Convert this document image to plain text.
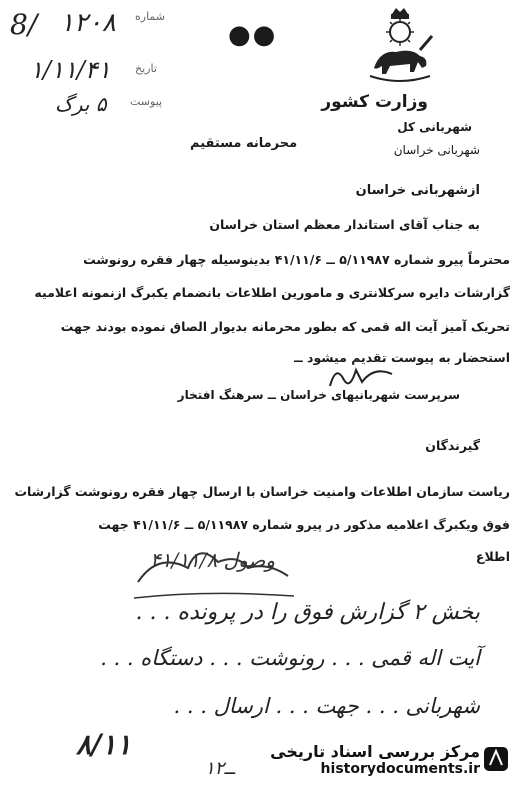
شماره
۱۲۰۸
8/
تاریخ
۱/۱۱/۴۱
پیوست
۵ برگ
●●
وزارت کشور
شهربانی کل
شهربانی خراسان
محرمانه مستقیم
ازشهربانی خراسان
به جناب آقای استاندار معظم استان خراسان
محترماً پیرو شماره ۵/۱۱۹۸۷ ــ ۴۱/۱۱/۶ بدینوسیله چهار فقره رونوشت
گزارشات دایره سرکلانتری و مامورین اطلاعات بانضمام یکبرگ ازنمونه اعلامیه
تحریک آمیز آیت اله قمی که بطور محرمانه بدیوار الصاق نموده بودند جهت
استحضار به پیوست تقدیم میشود ــ
سرپرست شهربانیهای خراسان ــ سرهنگ افتخار
گیرندگان
ریاست سازمان اطلاعات وامنیت خراسان با ارسال چهار فقره رونوشت گزارشات
فوق ویکبرگ اعلامیه مذکور در پیرو شماره ۵/۱۱۹۸۷ ــ ۴۱/۱۱/۶ جهت
اطلاع
وصول ۴۱/۱۱/۸
بخش ۲ گزارش فوق را در پرونده . . .
آیت اله قمی . . . رونوشت . . . دستگاه . . .
شهربانی . . . جهت . . . ارسال . . .
۸/۱۱
۱۲ــ
مرکز بررسی اسناد تاریخی
historydocuments.ir
